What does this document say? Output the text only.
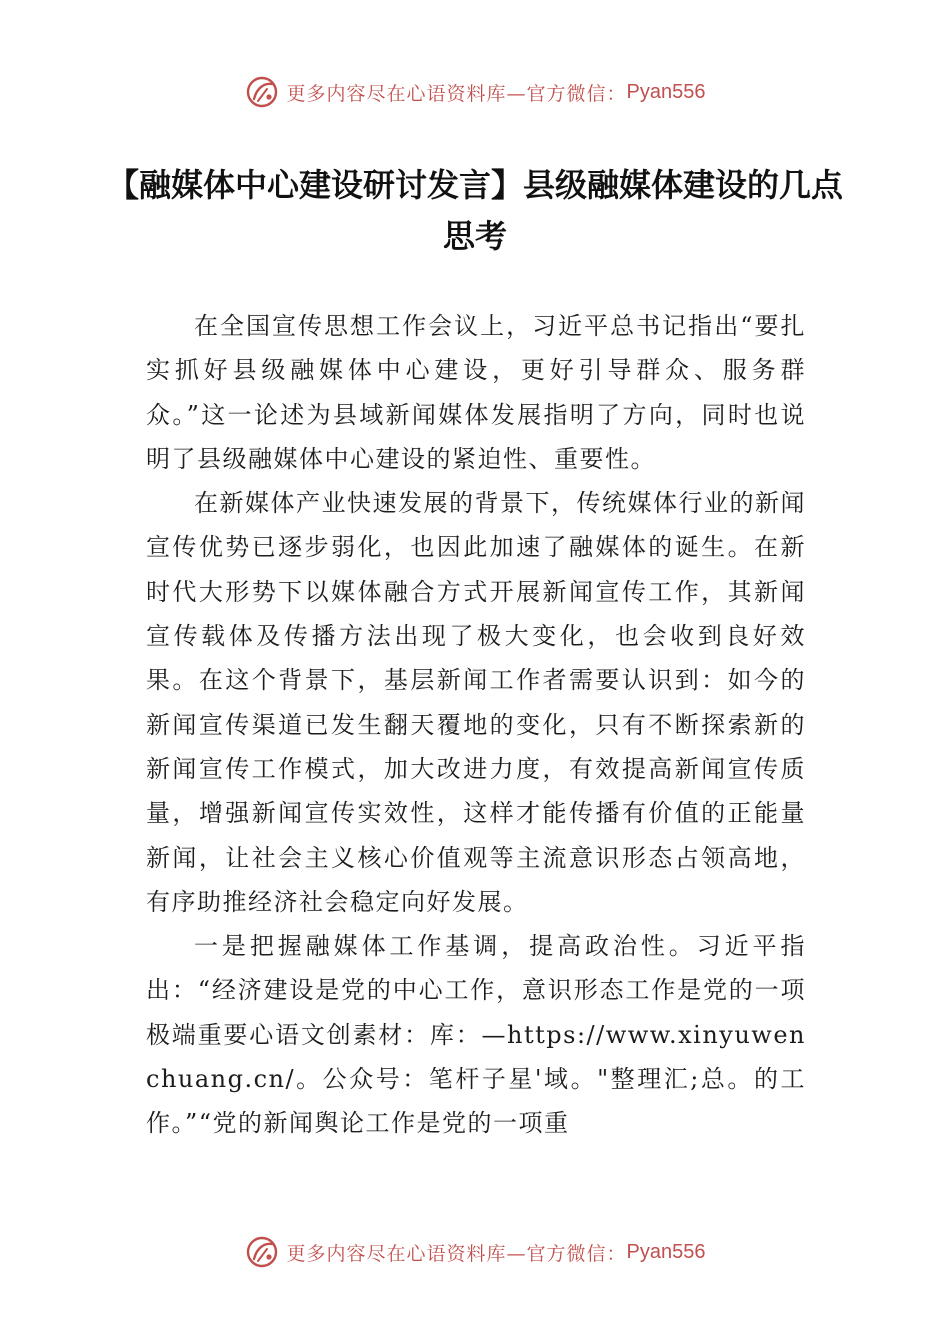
更多内容尽在心语资料库—官方微信： Pyan556
【融媒体中心建设研讨发言】县级融媒体建设的几点思考

在全国宣传思想工作会议上，习近平总书记指出“要扎实抓好县级融媒体中心建设，更好引导群众、服务群众。”这一论述为县域新闻媒体发展指明了方向，同时也说明了县级融媒体中心建设的紧迫性、重要性。

在新媒体产业快速发展的背景下，传统媒体行业的新闻宣传优势已逐步弱化，也因此加速了融媒体的诞生。在新时代大形势下以媒体融合方式开展新闻宣传工作，其新闻宣传载体及传播方法出现了极大变化，也会收到良好效果。在这个背景下，基层新闻工作者需要认识到：如今的新闻宣传渠道已发生翻天覆地的变化，只有不断探索新的新闻宣传工作模式，加大改进力度，有效提高新闻宣传质量，增强新闻宣传实效性，这样才能传播有价值的正能量新闻，让社会主义核心价值观等主流意识形态占领高地，有序助推经济社会稳定向好发展。

一是把握融媒体工作基调，提高政治性。习近平指出：“经济建设是党的中心工作，意识形态工作是党的一项极端重要心语文创素材：库：—https://www.xinyuwenchuang.cn/。公众号：笔杆子星'域。"整理汇;总。的工作。”“党的新闻舆论工作是党的一项重

更多内容尽在心语资料库—官方微信： Pyan556
